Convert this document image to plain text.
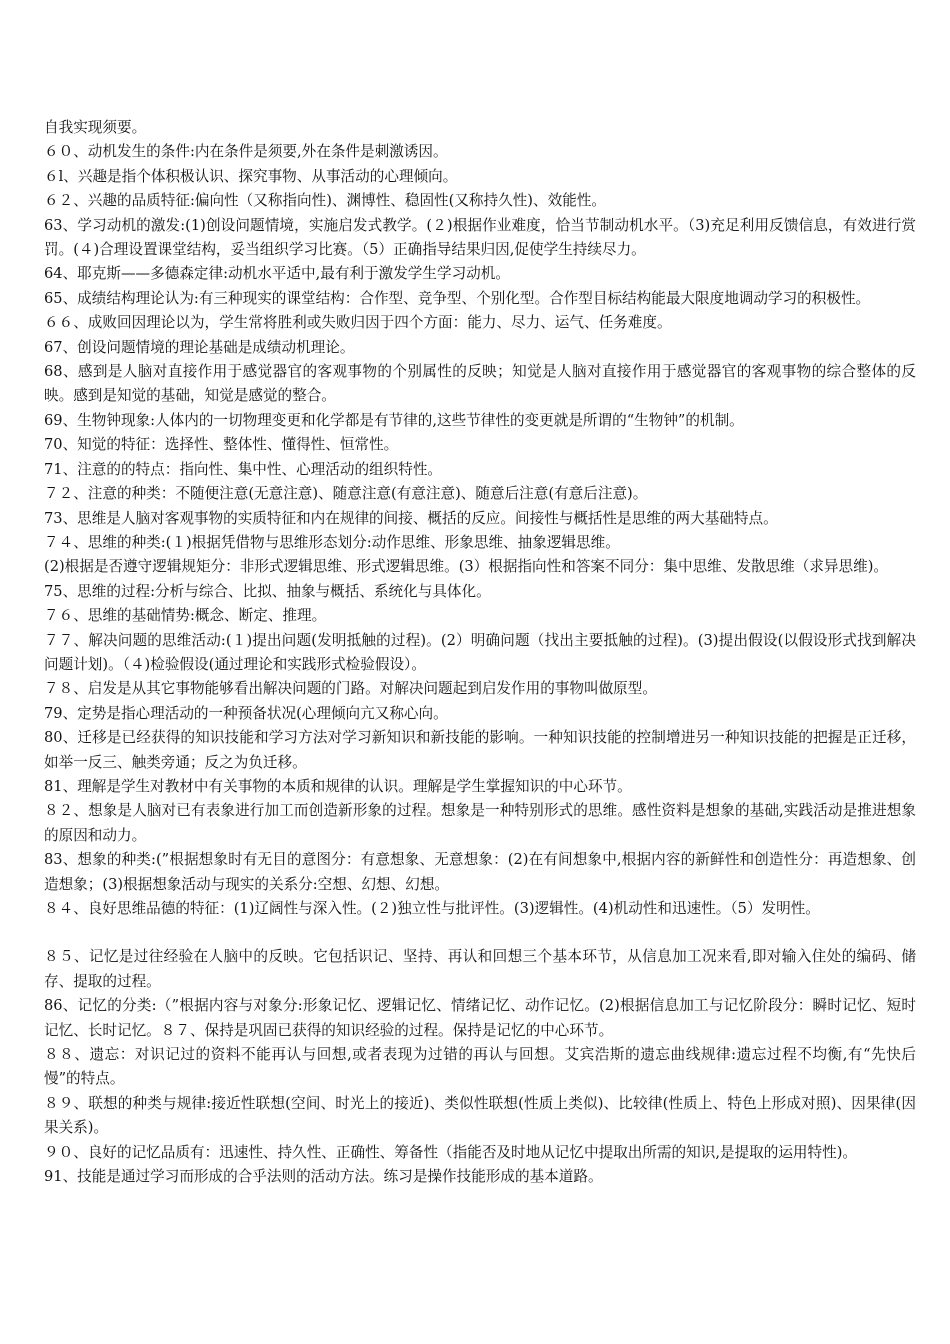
自我实现须要。

６０、动机发生的条件:内在条件是须要,外在条件是刺激诱因。

６l、兴趣是指个体积极认识、探究事物、从事活动的心理倾向。

６２、兴趣的品质特征:偏向性（又称指向性)、渊博性、稳固性(又称持久性)、效能性。

63、学习动机的激发:(1)创设问题情境，实施启发式教学。(２)根据作业难度，恰当节制动机水平。（3)充足利用反馈信息，有效进行赏罚。(４)合理设置课堂结构，妥当组织学习比赛。（5）正确指导结果归因,促使学生持续尽力。

64、耶克斯——多德森定律:动机水平适中,最有利于激发学生学习动机。

65、成绩结构理论认为:有三种现实的课堂结构：合作型、竞争型、个别化型。合作型目标结构能最大限度地调动学习的积极性。

６６、成败回因理论以为，学生常将胜利或失败归因于四个方面：能力、尽力、运气、任务难度。

67、创设问题情境的理论基础是成绩动机理论。

68、感到是人脑对直接作用于感觉器官的客观事物的个别属性的反映；知觉是人脑对直接作用于感觉器官的客观事物的综合整体的反映。感到是知觉的基础，知觉是感觉的整合。

69、生物钟现象:人体内的一切物理变更和化学都是有节律的,这些节律性的变更就是所谓的“生物钟”的机制。

70、知觉的特征：选择性、整体性、懂得性、恒常性。

71、注意的的特点：指向性、集中性、心理活动的组织特性。

７２、注意的种类：不随便注意(无意注意)、随意注意(有意注意)、随意后注意(有意后注意)。

73、思维是人脑对客观事物的实质特征和内在规律的间接、概括的反应。间接性与概括性是思维的两大基础特点。

７４、思维的种类:(１)根据凭借物与思维形态划分:动作思维、形象思维、抽象逻辑思维。

(2)根据是否遵守逻辑规矩分：非形式逻辑思维、形式逻辑思维。(3）根据指向性和答案不同分：集中思维、发散思维（求异思维)。

75、思维的过程:分析与综合、比拟、抽象与概括、系统化与具体化。

７６、思维的基础情势:概念、断定、推理。

７７、解决问题的思维活动:(１)提出问题(发明抵触的过程)。(2）明确问题（找出主要抵触的过程)。(3)提出假设(以假设形式找到解决问题计划)。（４)检验假设(通过理论和实践形式检验假设）。

７８、启发是从其它事物能够看出解决问题的门路。对解决问题起到启发作用的事物叫做原型。

79、定势是指心理活动的一种预备状况(心理倾向亢又称心向。

80、迁移是已经获得的知识技能和学习方法对学习新知识和新技能的影响。一种知识技能的控制增进另一种知识技能的把握是正迁移，如举一反三、触类旁通；反之为负迁移。

81、理解是学生对教材中有关事物的本质和规律的认识。理解是学生掌握知识的中心环节。

８２、想象是人脑对已有表象进行加工而创造新形象的过程。想象是一种特别形式的思维。感性资料是想象的基础,实践活动是推进想象的原因和动力。

83、想象的种类:(”根据想象时有无目的意图分：有意想象、无意想象：(2)在有间想象中,根据内容的新鲜性和创造性分：再造想象、创造想象；(3)根据想象活动与现实的关系分:空想、幻想、幻想。

８４、良好思维品德的特征：(1)辽阔性与深入性。(２)独立性与批评性。(3)逻辑性。(4)机动性和迅速性。（5）发明性。

８５、记忆是过往经验在人脑中的反映。它包括识记、坚持、再认和回想三个基本环节，从信息加工况来看,即对输入住处的编码、储存、提取的过程。

86、记忆的分类:（”根据内容与对象分:形象记忆、逻辑记忆、情绪记忆、动作记忆。(2)根据信息加工与记忆阶段分：瞬时记忆、短时记忆、长时记忆。８７、保持是巩固已获得的知识经验的过程。保持是记忆的中心环节。

８８、遗忘：对识记过的资料不能再认与回想,或者表现为过错的再认与回想。艾宾浩斯的遗忘曲线规律:遗忘过程不均衡,有“先快后慢”的特点。

８９、联想的种类与规律:接近性联想(空间、时光上的接近)、类似性联想(性质上类似)、比较律(性质上、特色上形成对照)、因果律(因果关系)。

９０、良好的记忆品质有：迅速性、持久性、正确性、筹备性（指能否及时地从记忆中提取出所需的知识,是提取的运用特性)。

91、技能是通过学习而形成的合乎法则的活动方法。练习是操作技能形成的基本道路。
